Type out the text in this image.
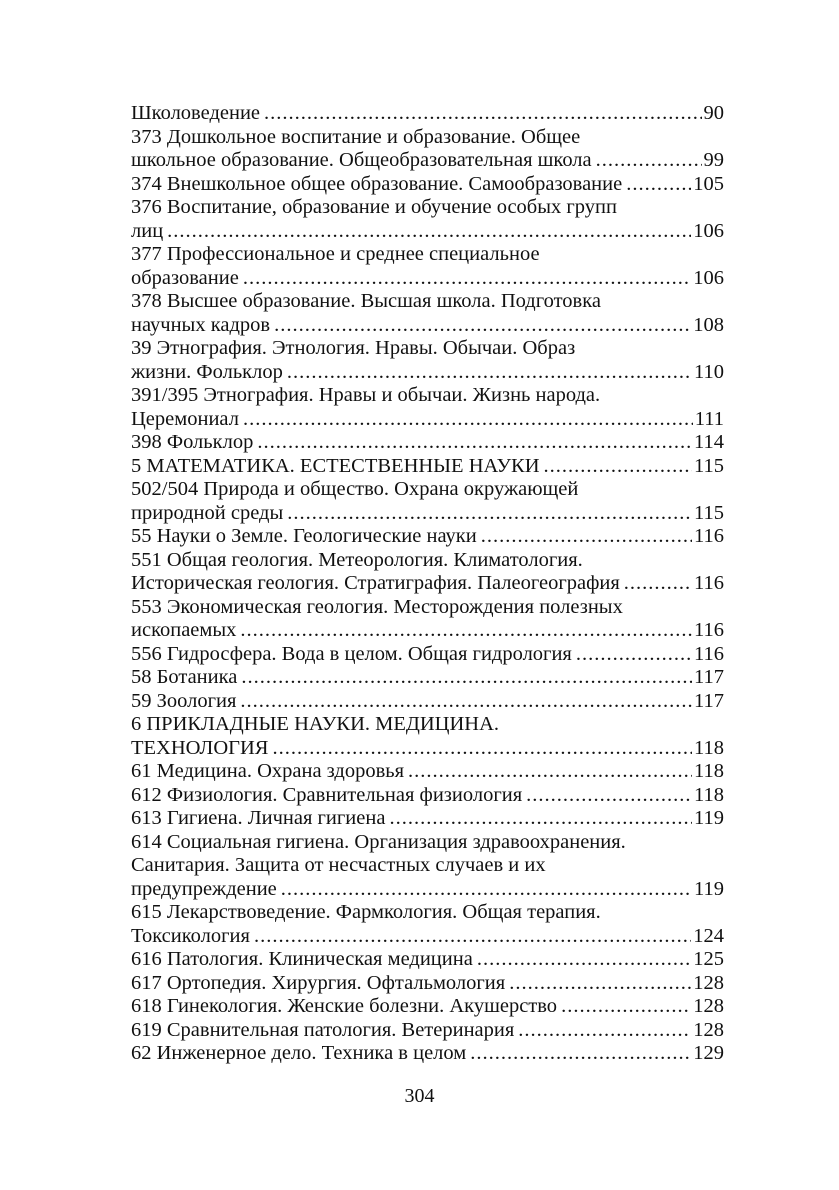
Школоведение .....	90
373 Дошкольное воспитание и образование. Общее
школьное образование. Общеобразовательная школа .....	99
374 Внешкольное общее образование. Самообразование .....	105
376 Воспитание, образование и обучение особых групп
лиц .....	106
377 Профессиональное и среднее специальное
образование .....	106
378 Высшее образование. Высшая школа. Подготовка
научных кадров .....	108
39 Этнография. Этнология. Нравы. Обычаи. Образ
жизни. Фольклор .....	110
391/395 Этнография. Нравы и обычаи. Жизнь народа.
Церемониал .....	111
398 Фольклор .....	114
5 МАТЕМАТИКА. ЕСТЕСТВЕННЫЕ НАУКИ .....	115
502/504 Природа и общество. Охрана окружающей
природной среды .....	115
55 Науки о Земле. Геологические науки .....	116
551 Общая геология. Метеорология. Климатология.
Историческая геология. Стратиграфия. Палеогеография .....	116
553 Экономическая геология. Месторождения полезных
ископаемых .....	116
556 Гидросфера. Вода в целом. Общая гидрология .....	116
58 Ботаника .....	117
59 Зоология .....	117
6 ПРИКЛАДНЫЕ НАУКИ. МЕДИЦИНА.
ТЕХНОЛОГИЯ .....	118
61 Медицина. Охрана здоровья .....	118
612 Физиология. Сравнительная физиология .....	118
613 Гигиена. Личная гигиена .....	119
614 Социальная гигиена. Организация здравоохранения.
Санитария. Защита от несчастных случаев и их
предупреждение .....	119
615 Лекарствоведение. Фармкология. Общая терапия.
Токсикология .....	124
616 Патология. Клиническая медицина .....	125
617 Ортопедия. Хирургия. Офтальмология .....	128
618 Гинекология. Женские болезни. Акушерство .....	128
619 Сравнительная патология. Ветеринария .....	128
62 Инженерное дело. Техника в целом .....	129
304
